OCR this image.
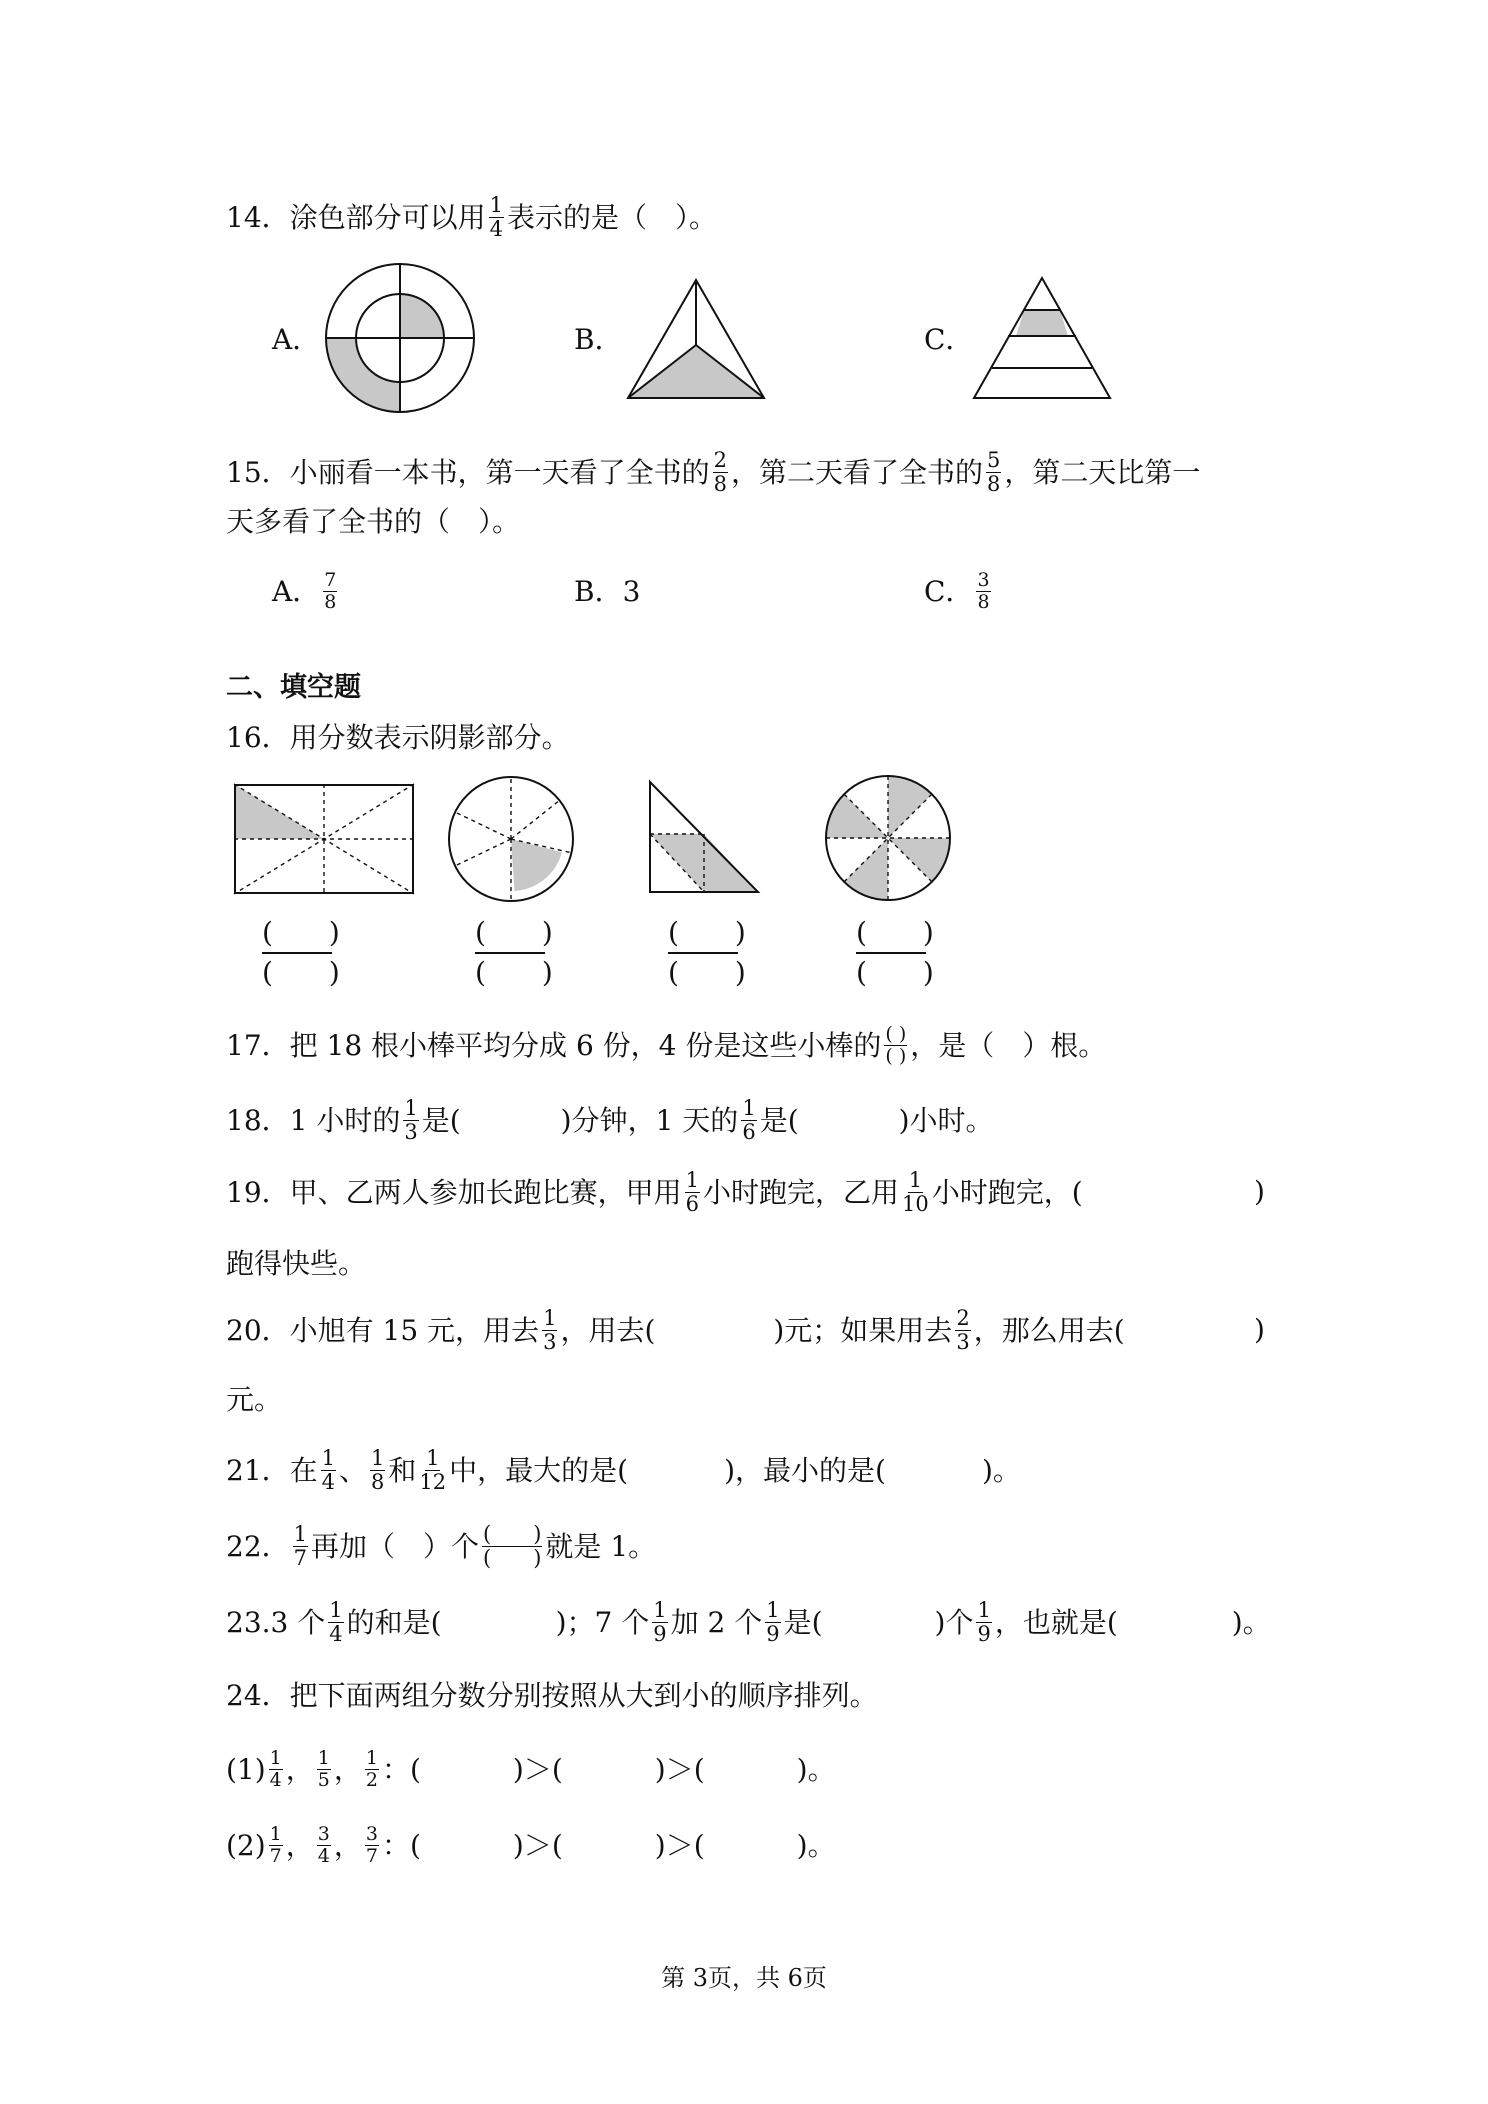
14．涂色部分可以用 $\frac{1}{4}$ 表示的是（　）。
A．	B．	C．
15．小丽看一本书，第一天看了全书的 $\frac{2}{8}$ ，第二天看了全书的 $\frac{5}{8}$ ，第二天比第一
天多看了全书的（　）。
A． $\frac{7}{8}$	B．3	C． $\frac{3}{8}$
二、填空题
16．用分数表示阴影部分。
(　　)
(　　)
(　　)
(　　)
(　　)
(　　)
(　　)
(　　)
17．把 18 根小棒平均分成 6 份，4 份是这些小棒的 $\frac{( )}{( )}$ ，是（　）根。
18．1 小时的 $\frac{1}{3}$ 是(	)分钟，1 天的 $\frac{1}{6}$ 是(	)小时。
19．甲、乙两人参加长跑比赛，甲用 $\frac{1}{6}$ 小时跑完，乙用 $\frac{1}{10}$ 小时跑完，(	)
跑得快些。
20．小旭有 15 元，用去 $\frac{1}{3}$ ，用去(	)元；如果用去 $\frac{2}{3}$ ，那么用去(	)
元。
21．在 $\frac{1}{4}$ 、 $\frac{1}{8}$ 和 $\frac{1}{12}$ 中，最大的是(	)，最小的是(	)。
22． $\frac{1}{7}$ 再加（　）个 $\frac{( )}{( )}$ 就是 1。
23.3 个 $\frac{1}{4}$ 的和是(	)；7 个 $\frac{1}{9}$ 加 2 个 $\frac{1}{9}$ 是(	)个 $\frac{1}{9}$ ，也就是(	)。
24．把下面两组分数分别按照从大到小的顺序排列。
$(1) \frac{1}{4}$ ， $\frac{1}{5}$ ， $\frac{1}{2}$ ：(	)＞(	)＞(	)。
$(2) \frac{1}{7}$ ， $\frac{3}{4}$ ， $\frac{3}{7}$ ：(	)＞(	)＞(	)。
第 3页，共 6页
